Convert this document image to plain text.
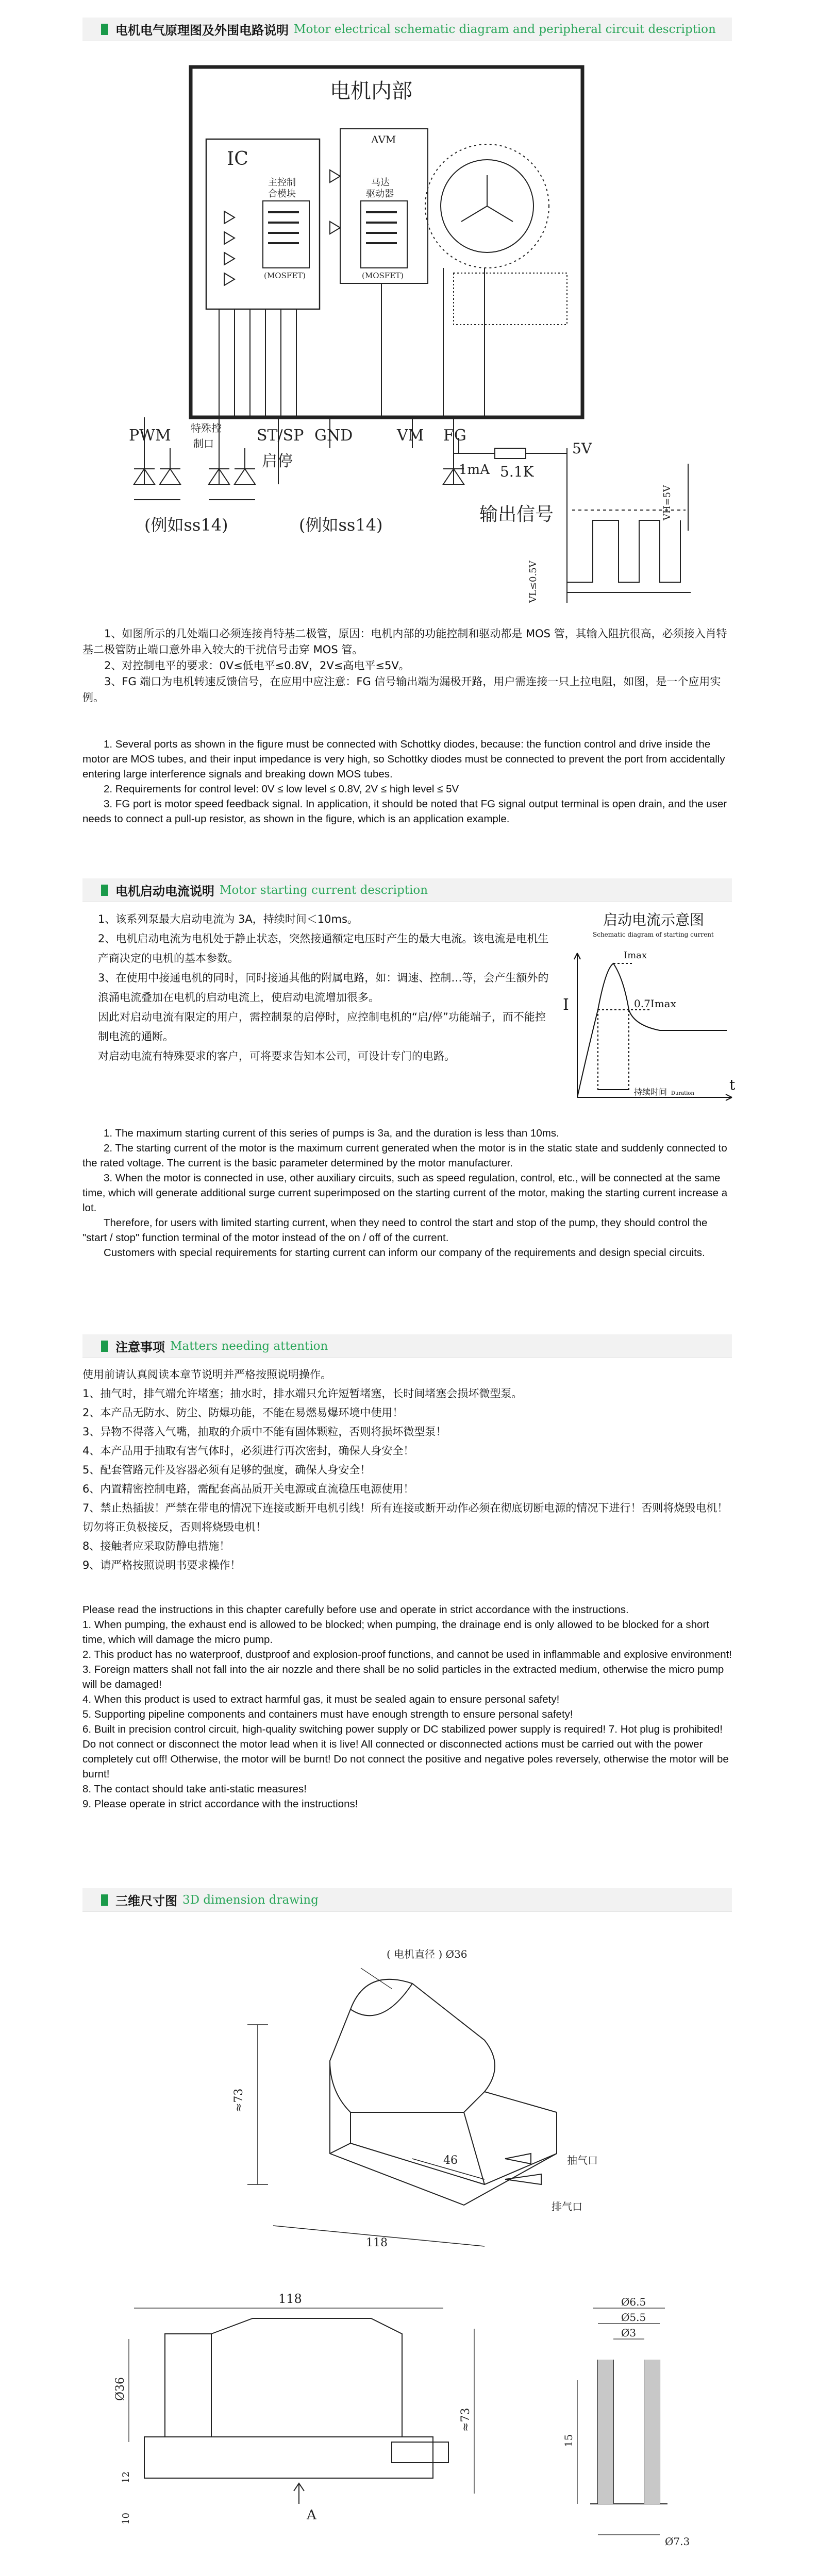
电机电气原理图及外围电路说明 Motor electrical schematic diagram and peripheral circuit description
电机内部
IC
主控制
合模块
(MOSFET)
AVM
马达
驱动器
(MOSFET)
PWM 特殊控
制口	ST/SP GND	VM FG
启停
(例如ss14)	(例如ss14)
1mA 5.1K
5V
输出信号	VH=5V
VL≤0.5V

1、如图所示的几处端口必须连接肖特基二极管，原因：电机内部的功能控制和驱动都是 MOS 管，其输入阻抗很高，必须接入肖特基二极管防止端口意外串入较大的干扰信号击穿 MOS 管。

2、对控制电平的要求：0V≤低电平≤0.8V，2V≤高电平≤5V。

3、FG 端口为电机转速反馈信号，在应用中应注意：FG 信号输出端为漏极开路，用户需连接一只上拉电阻，如图，是一个应用实例。

1. Several ports as shown in the figure must be connected with Schottky diodes, because: the function control and drive inside the motor are MOS tubes, and their input impedance is very high, so Schottky diodes must be connected to prevent the port from accidentally entering large interference signals and breaking down MOS tubes.

2. Requirements for control level: 0V ≤ low level ≤ 0.8V, 2V ≤ high level ≤ 5V

3. FG port is motor speed feedback signal. In application, it should be noted that FG signal output terminal is open drain, and the user needs to connect a pull-up resistor, as shown in the figure, which is an application example.

电机启动电流说明 Motor starting current description

1、该系列泵最大启动电流为 3A，持续时间＜10ms。

2、电机启动电流为电机处于静止状态，突然接通额定电压时产生的最大电流。该电流是电机生产商决定的电机的基本参数。

3、在使用中接通电机的同时，同时接通其他的附属电路，如：调速、控制…等，会产生额外的浪涌电流叠加在电机的启动电流上，使启动电流增加很多。

因此对启动电流有限定的用户，需控制泵的启停时，应控制电机的“启/停”功能端子，而不能控制电流的通断。

对启动电流有特殊要求的客户，可将要求告知本公司，可设计专门的电路。

启动电流示意图
Schematic diagram of starting current
I
t
Imax
0.7Imax
持续时间 Duration

1. The maximum starting current of this series of pumps is 3a, and the duration is less than 10ms.

2. The starting current of the motor is the maximum current generated when the motor is in the static state and suddenly connected to the rated voltage. The current is the basic parameter determined by the motor manufacturer.

3. When the motor is connected in use, other auxiliary circuits, such as speed regulation, control, etc., will be connected at the same time, which will generate additional surge current superimposed on the starting current of the motor, making the starting current increase a lot.

Therefore, for users with limited starting current, when they need to control the start and stop of the pump, they should control the "start / stop" function terminal of the motor instead of the on / off of the current.

Customers with special requirements for starting current can inform our company of the requirements and design special circuits.

注意事项 Matters needing attention

使用前请认真阅读本章节说明并严格按照说明操作。

1、抽气时，排气端允许堵塞；抽水时，排水端只允许短暂堵塞，长时间堵塞会损坏微型泵。

2、本产品无防水、防尘、防爆功能，不能在易燃易爆环境中使用！

3、异物不得落入气嘴，抽取的介质中不能有固体颗粒，否则将损坏微型泵！

4、本产品用于抽取有害气体时，必须进行再次密封，确保人身安全！

5、配套管路元件及容器必须有足够的强度，确保人身安全！

6、内置精密控制电路，需配套高品质开关电源或直流稳压电源使用！

7、禁止热插拔！严禁在带电的情况下连接或断开电机引线！所有连接或断开动作必须在彻底切断电源的情况下进行！否则将烧毁电机！切勿将正负极接反，否则将烧毁电机！

8、接触者应采取防静电措施！

9、请严格按照说明书要求操作！

Please read the instructions in this chapter carefully before use and operate in strict accordance with the instructions.

1. When pumping, the exhaust end is allowed to be blocked; when pumping, the drainage end is only allowed to be blocked for a short time, which will damage the micro pump.

2. This product has no waterproof, dustproof and explosion-proof functions, and cannot be used in inflammable and explosive environment!

3. Foreign matters shall not fall into the air nozzle and there shall be no solid particles in the extracted medium, otherwise the micro pump will be damaged!

4. When this product is used to extract harmful gas, it must be sealed again to ensure personal safety!

5. Supporting pipeline components and containers must have enough strength to ensure personal safety!

6. Built in precision control circuit, high-quality switching power supply or DC stabilized power supply is required! 7. Hot plug is prohibited! Do not connect or disconnect the motor lead when it is live! All connected or disconnected actions must be carried out with the power completely cut off! Otherwise, the motor will be burnt! Do not connect the positive and negative poles reversely, otherwise the motor will be burnt!

8. The contact should take anti-static measures!

9. Please operate in strict accordance with the instructions!

三维尺寸图 3D dimension drawing
( 电机直径 ) Ø36
≈73
46
118
抽气口
排气口
118
Ø36
≈73
12
10	A
Ø6.5
Ø5.5
Ø3
15
Ø7.3
